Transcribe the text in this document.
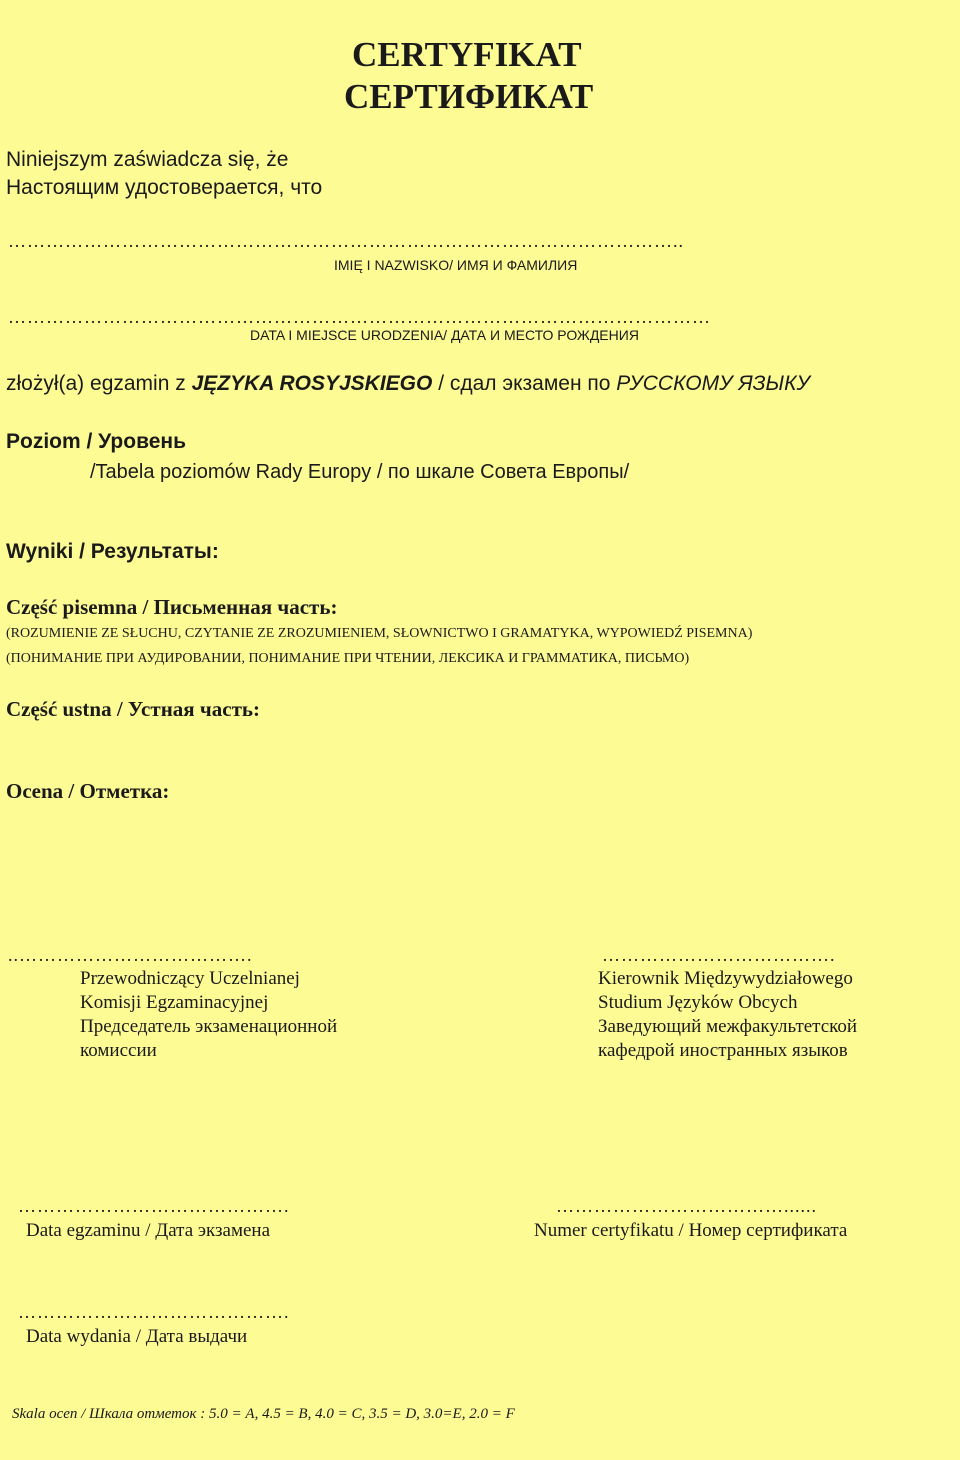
CERTYFIKAT
СЕРТИФИКАТ
Niniejszym zaświadcza się, że
Настоящим удостоверается, что
……………………………………………………………………………………………..
IMIĘ I NAZWISKO/ ИМЯ И ФАМИЛИЯ
…………………………………………………………………………………………………
DATA I MIEJSCE URODZENIA/ ДАТА И МЕСТО РОЖДЕНИЯ
złożył(a) egzamin z JĘZYKA ROSYJSKIEGO / сдал экзамен по РУССКОМУ ЯЗЫКУ
Poziom / Уровень
/Tabela poziomów Rady Europy / по шкале Совета Европы/
Wyniki / Результаты:
Część pisemna / Письменная часть:
(ROZUMIENIE ZE SŁUCHU, CZYTANIE ZE ZROZUMIENIEM, SŁOWNICTWO I GRAMATYKA, WYPOWIEDŹ PISEMNA)
(ПОНИМАНИЕ ПРИ АУДИРОВАНИИ, ПОНИМАНИЕ ПРИ ЧТЕНИИ, ЛЕКСИКА И ГРАММАТИКА, ПИСЬМО)
Część ustna / Устная часть:
Ocena / Отметка:
..……………………………….
Przewodniczący Uczelnianej
Komisji Egzaminacyjnej
Председатель экзаменационной
комиссии
……………………………….
Kierownik Międzywydziałowego
Studium Języków Obcych
Заведующий межфакультетской
кафедрой иностранных языков
…………………………………….
Data egzaminu / Дата экзамена
………………………………......
Numer certyfikatu / Номер сертификата
…………………………………….
Data wydania / Дата выдачи
Skala ocen / Шкала отметок : 5.0 = A, 4.5 = B, 4.0 = C, 3.5 = D, 3.0=E, 2.0 = F
